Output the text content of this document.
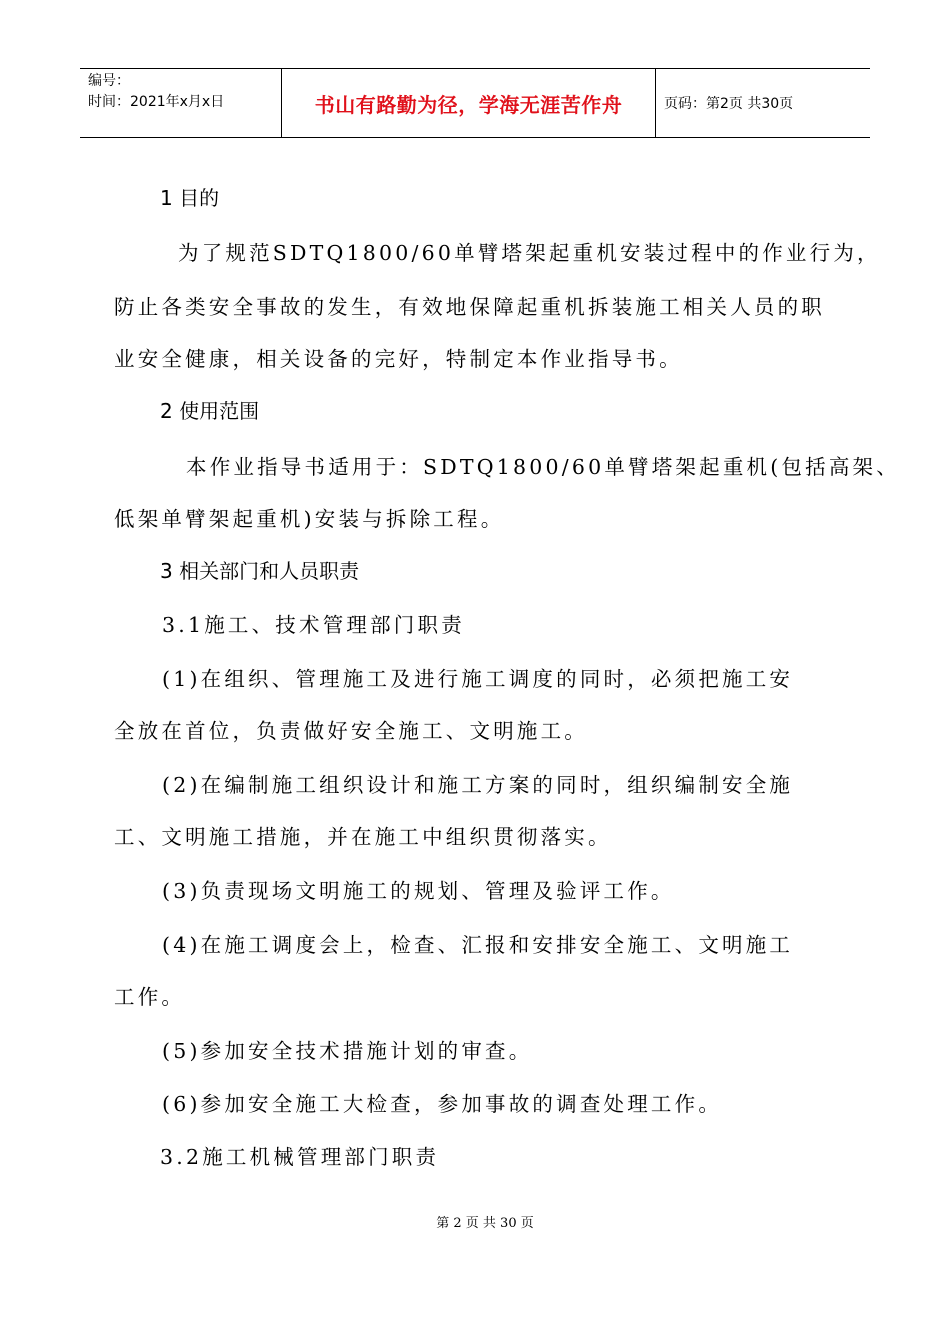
编号：
时间：2021年x月x日	书山有路勤为径，学海无涯苦作舟	页码：第2页 共30页
1 目的
为了规范SDTQ1800/60单臂塔架起重机安装过程中的作业行为，
防止各类安全事故的发生，有效地保障起重机拆装施工相关人员的职
业安全健康，相关设备的完好，特制定本作业指导书。
2 使用范围
本作业指导书适用于：SDTQ1800/60单臂塔架起重机(包括高架、
低架单臂架起重机)安装与拆除工程。
3 相关部门和人员职责
3.1施工、技术管理部门职责
(1)在组织、管理施工及进行施工调度的同时，必须把施工安
全放在首位，负责做好安全施工、文明施工。
(2)在编制施工组织设计和施工方案的同时，组织编制安全施
工、文明施工措施，并在施工中组织贯彻落实。
(3)负责现场文明施工的规划、管理及验评工作。
(4)在施工调度会上，检查、汇报和安排安全施工、文明施工
工作。
(5)参加安全技术措施计划的审查。
(6)参加安全施工大检查，参加事故的调查处理工作。
3.2施工机械管理部门职责
第 2 页 共 30 页
